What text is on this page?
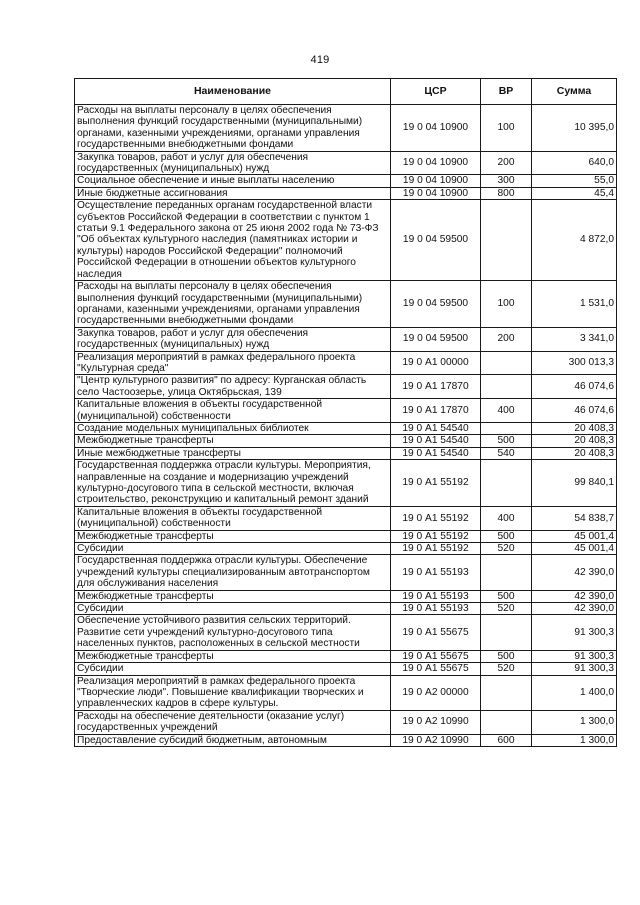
419
Наименование	ЦСР	ВР	Сумма
Расходы на выплаты персоналу в целях обеспечения выполнения функций государственными (муниципальными) органами, казенными учреждениями, органами управления государственными внебюджетными фондами	19 0 04 10900	100	10 395,0
Закупка товаров, работ и услуг для обеспечения государственных (муниципальных) нужд	19 0 04 10900	200	640,0
Социальное обеспечение и иные выплаты населению	19 0 04 10900	300	55,0
Иные бюджетные ассигнования	19 0 04 10900	800	45,4
Осуществление переданных органам государственной власти субъектов Российской Федерации в соответствии с пунктом 1 статьи 9.1 Федерального закона от 25 июня 2002 года № 73-ФЗ "Об объектах культурного наследия (памятниках истории и культуры) народов Российской Федерации" полномочий Российской Федерации в отношении объектов культурного наследия	19 0 04 59500		4 872,0
Расходы на выплаты персоналу в целях обеспечения выполнения функций государственными (муниципальными) органами, казенными учреждениями, органами управления государственными внебюджетными фондами	19 0 04 59500	100	1 531,0
Закупка товаров, работ и услуг для обеспечения государственных (муниципальных) нужд	19 0 04 59500	200	3 341,0
Реализация мероприятий в рамках федерального проекта "Культурная среда"	19 0 А1 00000		300 013,3
"Центр культурного развития" по адресу: Курганская область село Частоозерье, улица Октябрьская, 139	19 0 А1 17870		46 074,6
Капитальные вложения в объекты государственной (муниципальной) собственности	19 0 А1 17870	400	46 074,6
Создание модельных муниципальных библиотек	19 0 А1 54540		20 408,3
Межбюджетные трансферты	19 0 А1 54540	500	20 408,3
Иные межбюджетные трансферты	19 0 А1 54540	540	20 408,3
Государственная поддержка отрасли культуры. Мероприятия, направленные на создание и модернизацию учреждений культурно-досугового типа в сельской местности, включая строительство, реконструкцию и капитальный ремонт зданий	19 0 А1 55192		99 840,1
Капитальные вложения в объекты государственной (муниципальной) собственности	19 0 А1 55192	400	54 838,7
Межбюджетные трансферты	19 0 А1 55192	500	45 001,4
Субсидии	19 0 А1 55192	520	45 001,4
Государственная поддержка отрасли культуры. Обеспечение учреждений культуры специализированным автотранспортом для обслуживания населения	19 0 А1 55193		42 390,0
Межбюджетные трансферты	19 0 А1 55193	500	42 390,0
Субсидии	19 0 А1 55193	520	42 390,0
Обеспечение устойчивого развития сельских территорий. Развитие сети учреждений культурно-досугового типа населенных пунктов, расположенных в сельской местности	19 0 А1 55675		91 300,3
Межбюджетные трансферты	19 0 А1 55675	500	91 300,3
Субсидии	19 0 А1 55675	520	91 300,3
Реализация мероприятий в рамках федерального проекта "Творческие люди". Повышение квалификации творческих и управленческих кадров в сфере культуры.	19 0 А2 00000		1 400,0
Расходы на обеспечение деятельности (оказание услуг) государственных учреждений	19 0 А2 10990		1 300,0
Предоставление субсидий бюджетным, автономным	19 0 А2 10990	600	1 300,0
